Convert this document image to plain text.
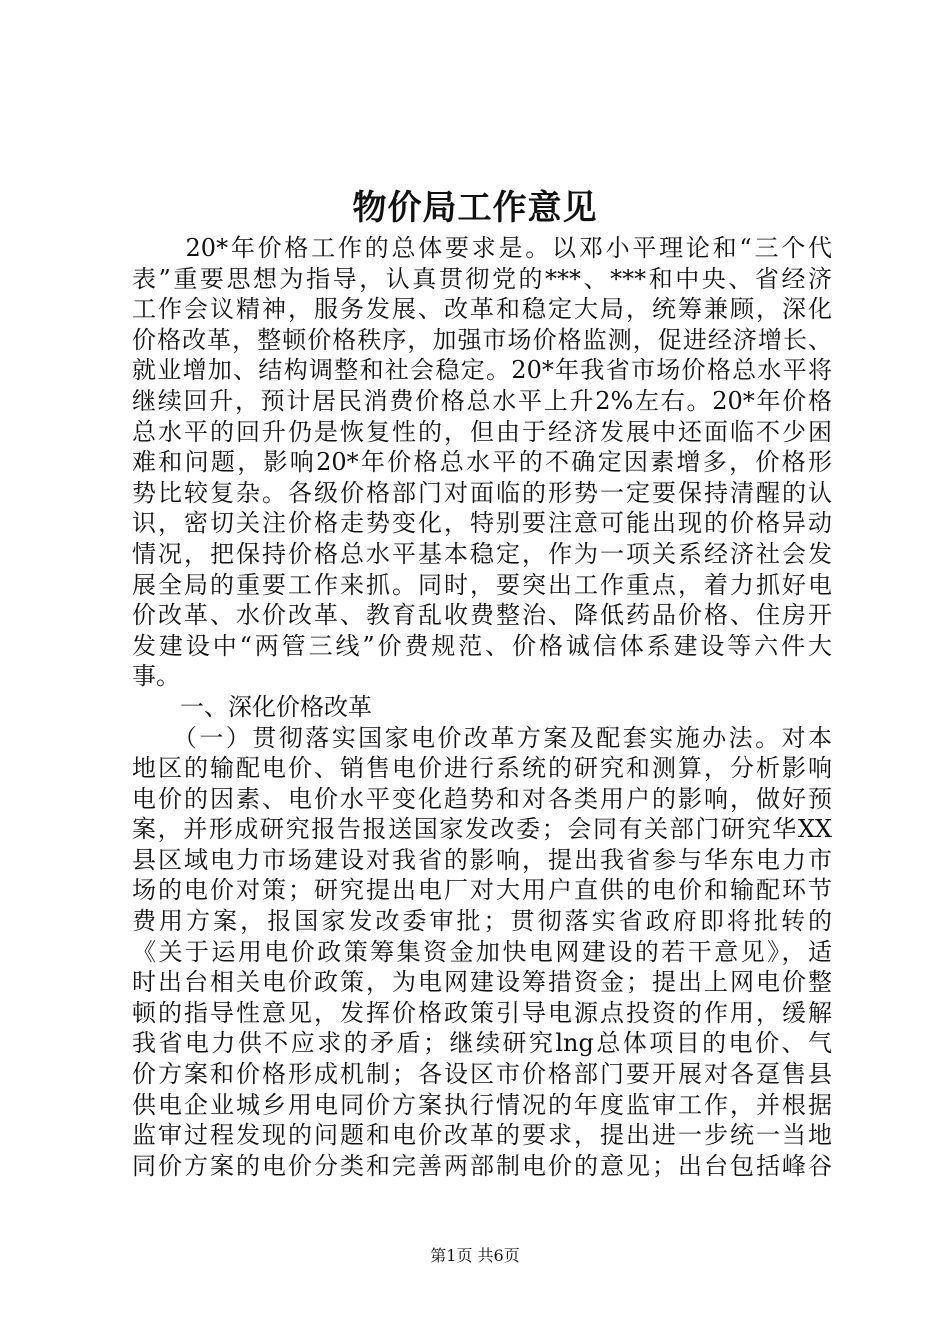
物价局工作意见
　　20*年价格工作的总体要求是。以邓小平理论和“三个代
表”重要思想为指导，认真贯彻党的***、***和中央、省经济
工作会议精神，服务发展、改革和稳定大局，统筹兼顾，深化
价格改革，整顿价格秩序，加强市场价格监测，促进经济增长、
就业增加、结构调整和社会稳定。20*年我省市场价格总水平将
继续回升，预计居民消费价格总水平上升2%左右。20*年价格
总水平的回升仍是恢复性的，但由于经济发展中还面临不少困
难和问题，影响20*年价格总水平的不确定因素增多，价格形
势比较复杂。各级价格部门对面临的形势一定要保持清醒的认
识，密切关注价格走势变化，特别要注意可能出现的价格异动
情况，把保持价格总水平基本稳定，作为一项关系经济社会发
展全局的重要工作来抓。同时，要突出工作重点，着力抓好电
价改革、水价改革、教育乱收费整治、降低药品价格、住房开
发建设中“两管三线”价费规范、价格诚信体系建设等六件大
事。
　　一、深化价格改革
　　（一）贯彻落实国家电价改革方案及配套实施办法。对本
地区的输配电价、销售电价进行系统的研究和测算，分析影响
电价的因素、电价水平变化趋势和对各类用户的影响，做好预
案，并形成研究报告报送国家发改委；会同有关部门研究华XX
县区域电力市场建设对我省的影响，提出我省参与华东电力市
场的电价对策；研究提出电厂对大用户直供的电价和输配环节
费用方案，报国家发改委审批；贯彻落实省政府即将批转的
《关于运用电价政策筹集资金加快电网建设的若干意见》，适
时出台相关电价政策，为电网建设筹措资金；提出上网电价整
顿的指导性意见，发挥价格政策引导电源点投资的作用，缓解
我省电力供不应求的矛盾；继续研究lng总体项目的电价、气
价方案和价格形成机制；各设区市价格部门要开展对各趸售县
供电企业城乡用电同价方案执行情况的年度监审工作，并根据
监审过程发现的问题和电价改革的要求，提出进一步统一当地
同价方案的电价分类和完善两部制电价的意见；出台包括峰谷
第1页 共6页
